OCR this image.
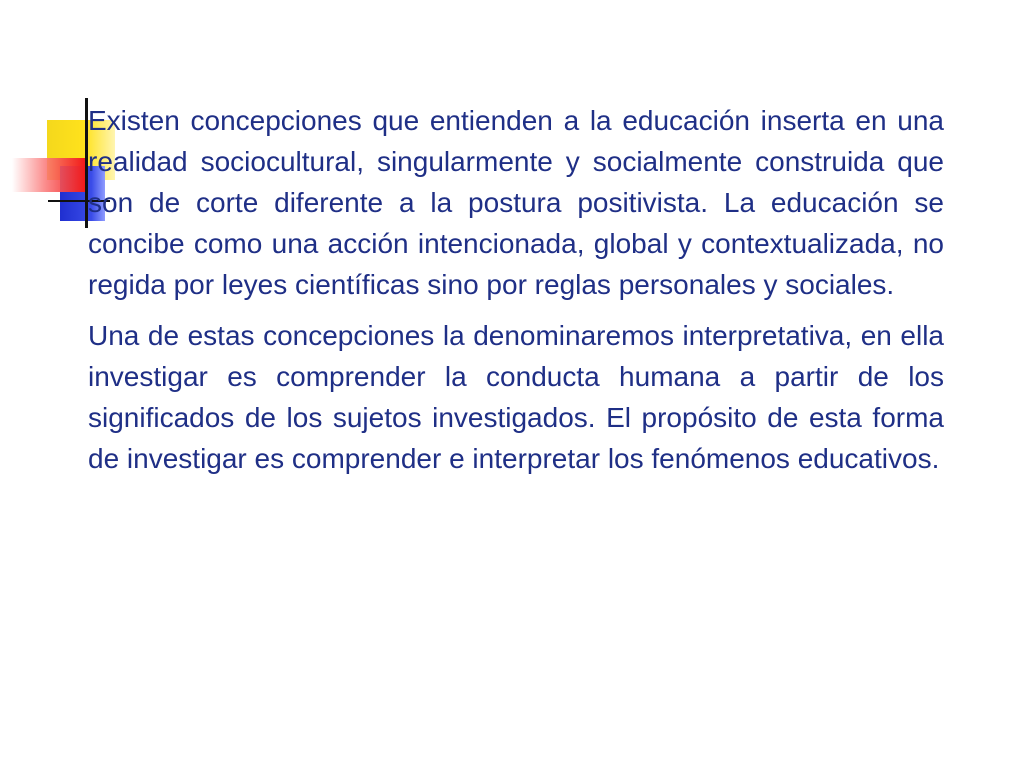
Existen concepciones que entienden a la educación inserta en una realidad sociocultural, singularmente y socialmente construida que son de corte diferente a la postura positivista. La educación se concibe como una acción intencionada, global y contextualizada, no regida por leyes científicas sino por reglas personales y sociales.

Una de estas concepciones la denominaremos interpretativa, en ella investigar es comprender la conducta humana a partir de los significados de los sujetos investigados. El propósito de esta forma de investigar es comprender e interpretar los fenómenos educativos.
